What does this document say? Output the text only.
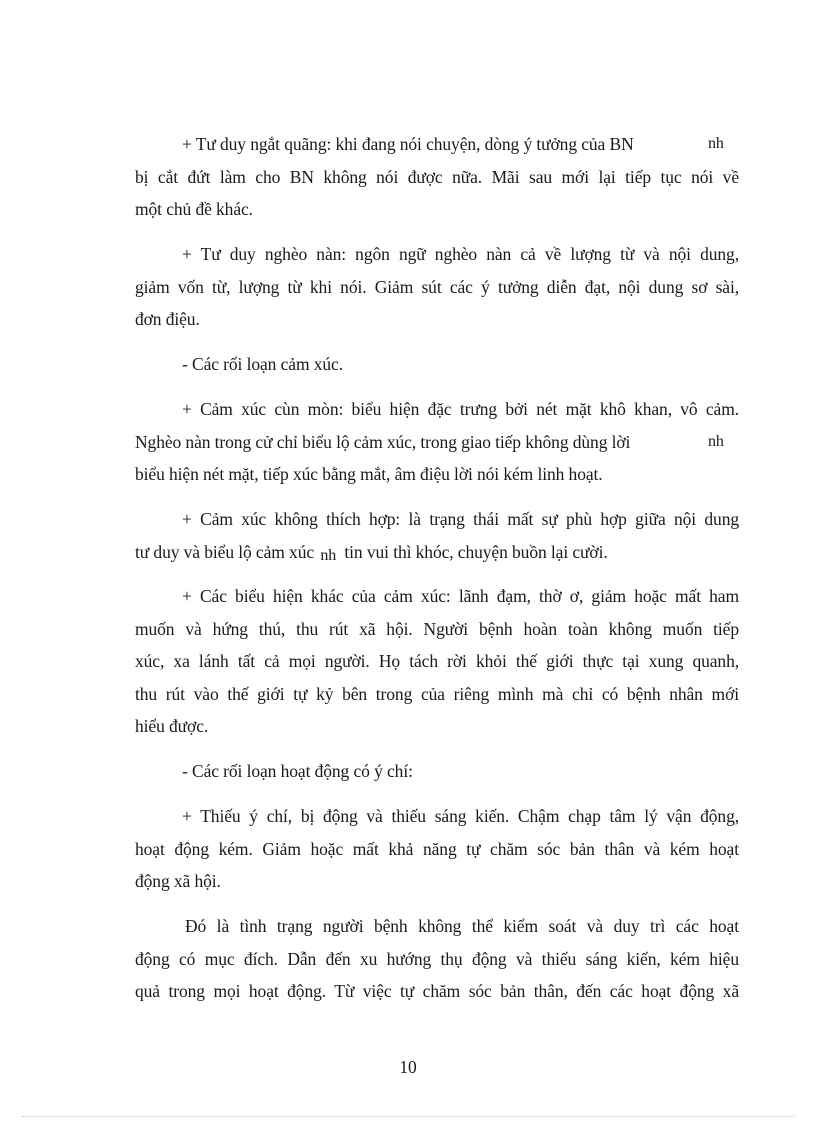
+ Tư duy ngắt quãng: khi đang nói chuyện, dòng ý tưởng của BN	nh
bị cắt đứt làm cho BN không nói được nữa. Mãi sau mới lại tiếp tục nói về
một chủ đề khác.
+ Tư duy nghèo nàn: ngôn ngữ nghèo nàn cả về lượng từ và nội dung,
giảm vốn từ, lượng từ khi nói. Giảm sút các ý tưởng diễn đạt, nội dung sơ sài,
đơn điệu.
- Các rối loạn cảm xúc.
+ Cảm xúc cùn mòn: biểu hiện đặc trưng bởi nét mặt khô khan, vô cảm.
Nghèo nàn trong cử chỉ biểu lộ cảm xúc, trong giao tiếp không dùng lời	nh
biểu hiện nét mặt, tiếp xúc bằng mắt, âm điệu lời nói kém linh hoạt.
+ Cảm xúc không thích hợp: là trạng thái mất sự phù hợp giữa nội dung
tư duy và biểu lộ cảm xúc nh tin vui thì khóc, chuyện buồn lại cười.
+ Các biểu hiện khác của cảm xúc: lãnh đạm, thờ ơ, giảm hoặc mất ham
muốn và hứng thú, thu rút xã hội. Người bệnh hoàn toàn không muốn tiếp
xúc, xa lánh tất cả mọi người. Họ tách rời khỏi thế giới thực tại xung quanh,
thu rút vào thế giới tự kỷ bên trong của riêng mình mà chỉ có bệnh nhân mới
hiểu được.
- Các rối loạn hoạt động có ý chí:
+ Thiếu ý chí, bị động và thiếu sáng kiến. Chậm chạp tâm lý vận động,
hoạt động kém. Giảm hoặc mất khả năng tự chăm sóc bản thân và kém hoạt
động xã hội.
Đó là tình trạng người bệnh không thể kiểm soát và duy trì các hoạt
động có mục đích. Dẫn đến xu hướng thụ động và thiếu sáng kiến, kém hiệu
quả trong mọi hoạt động. Từ việc tự chăm sóc bản thân, đến các hoạt động xã
10
